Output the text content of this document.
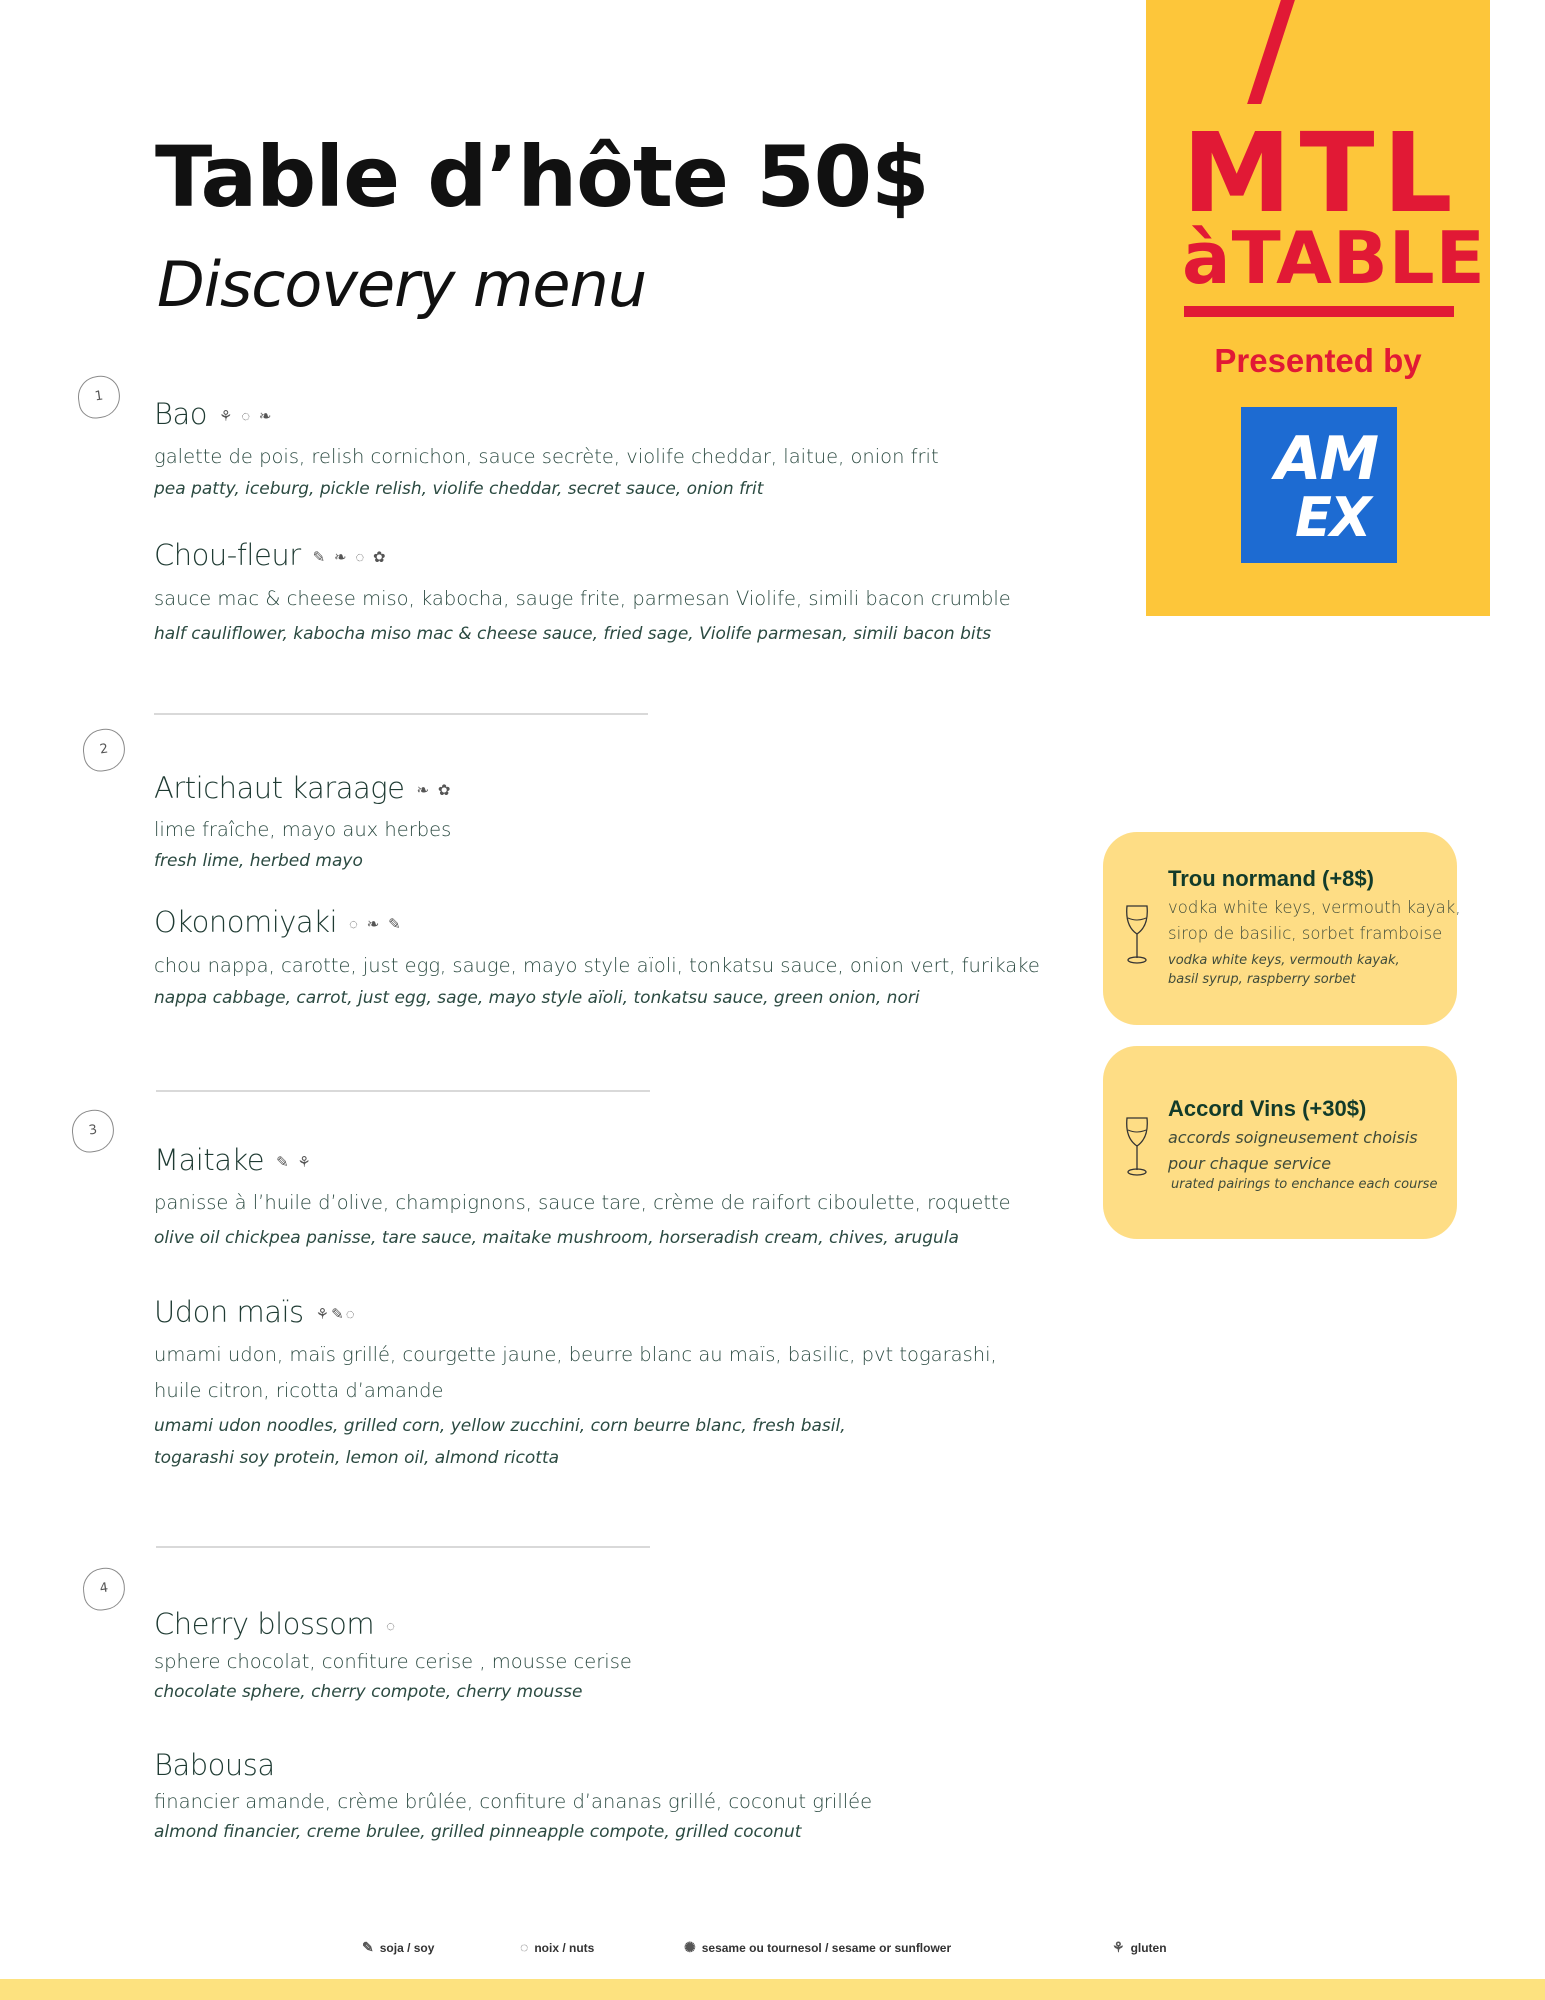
Table d’hôte 50$
Discovery menu
MTL
àTABLE
Presented by
AM
EX
1
Bao ⚘ ◌ ❧
galette de pois, relish cornichon, sauce secrète, violife cheddar, laitue, onion frit
pea patty, iceburg, pickle relish, violife cheddar, secret sauce, onion frit
Chou-fleur ✎ ❧ ◌ ✿
sauce mac & cheese miso, kabocha, sauge frite, parmesan Violife, simili bacon crumble
half cauliflower, kabocha miso mac & cheese sauce, fried sage, Violife parmesan, simili bacon bits
2
Artichaut karaage ❧ ✿
lime fraîche, mayo aux herbes
fresh lime, herbed mayo
Okonomiyaki ◌ ❧ ✎
chou nappa, carotte, just egg, sauge, mayo style aïoli, tonkatsu sauce, onion vert, furikake
nappa cabbage, carrot, just egg, sage, mayo style aïoli, tonkatsu sauce, green onion, nori
3
Maitake ✎ ⚘
panisse à l’huile d’olive, champignons, sauce tare, crème de raifort ciboulette, roquette
olive oil chickpea panisse, tare sauce, maitake mushroom, horseradish cream, chives, arugula
Udon maïs ⚘✎◌
umami udon, maïs grillé, courgette jaune, beurre blanc au maïs, basilic, pvt togarashi,
huile citron, ricotta d’amande
umami udon noodles, grilled corn, yellow zucchini, corn beurre blanc, fresh basil,
togarashi soy protein, lemon oil, almond ricotta
4
Cherry blossom ◌
sphere chocolat, confiture cerise , mousse cerise
chocolate sphere, cherry compote, cherry mousse
Babousa
financier amande, crème brûlée, confiture d’ananas grillé, coconut grillée
almond financier, creme brulee, grilled pinneapple compote, grilled coconut
Trou normand (+8$)
vodka white keys, vermouth kayak,
sirop de basilic, sorbet framboise
vodka white keys, vermouth kayak,
basil syrup, raspberry sorbet
Accord Vins (+30$)
accords soigneusement choisis
pour chaque service
urated pairings to enchance each course
✎ soja / soy	◌ noix / nuts	✺ sesame ou tournesol / sesame or sunflower	⚘ gluten
